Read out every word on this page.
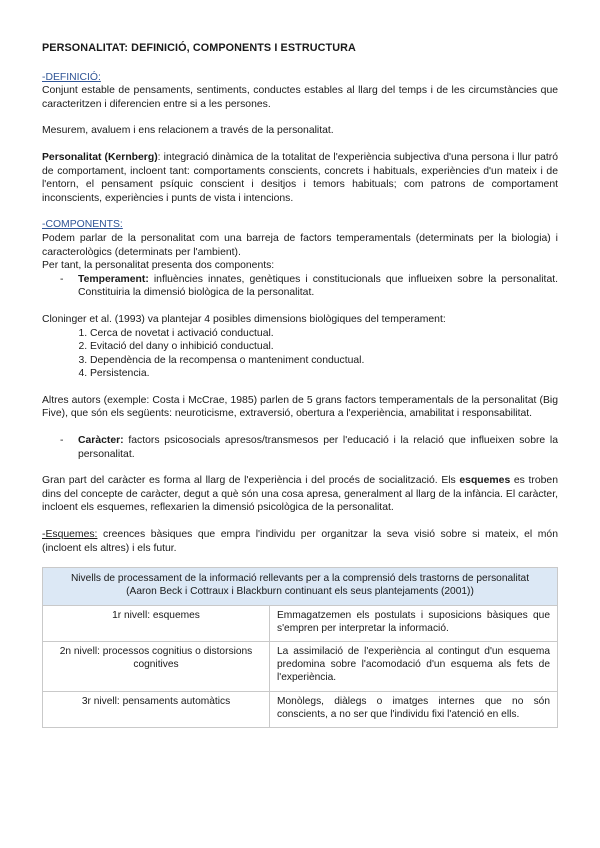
PERSONALITAT: DEFINICIÓ, COMPONENTS I ESTRUCTURA
-DEFINICIÓ:

Conjunt estable de pensaments, sentiments, conductes estables al llarg del temps i de les circumstàncies que caracteritzen i diferencien entre si a les persones.

Mesurem, avaluem i ens relacionem a través de la personalitat.

Personalitat (Kernberg): integració dinàmica de la totalitat de l'experiència subjectiva d'una persona i llur patró de comportament, incloent tant: comportaments conscients, concrets i habituals, experiències d'un mateix i de l'entorn, el pensament psíquic conscient i desitjos i temors habituals; com patrons de comportament inconscients, experiències i punts de vista i intencions.

-COMPONENTS:

Podem parlar de la personalitat com una barreja de factors temperamentals (determinats per la biologia) i caracterològics (determinats per l'ambient).

Per tant, la personalitat presenta dos components:

-	Temperament: influències innates, genètiques i constitucionals que influeixen sobre la personalitat. Constituiria la dimensió biològica de la personalitat.

Cloninger et al. (1993) va plantejar 4 posibles dimensions biològiques del temperament:

1. Cerca de novetat i activació conductual.
2. Evitació del dany o inhibició conductual.
3. Dependència de la recompensa o manteniment conductual.
4. Persistencia.

Altres autors (exemple: Costa i McCrae, 1985) parlen de 5 grans factors temperamentals de la personalitat (Big Five), que són els següents: neuroticisme, extraversió, obertura a l'experiència, amabilitat i responsabilitat.

-	Caràcter: factors psicosocials apresos/transmesos per l'educació i la relació que influeixen sobre la personalitat.

Gran part del caràcter es forma al llarg de l'experiència i del procés de socialització. Els esquemes es troben dins del concepte de caràcter, degut a què són una cosa apresa, generalment al llarg de la infància. El caràcter, incloent els esquemes, reflexarien la dimensió psicològica de la personalitat.

-Esquemes: creences bàsiques que empra l'individu per organitzar la seva visió sobre si mateix, el món (incloent els altres) i els futur.

Nivells de processament de la informació rellevants per a la comprensió dels trastorns de personalitat
(Aaron Beck i Cottraux i Blackburn continuant els seus plantejaments (2001))	

1r nivell: esquemes	Emmagatzemen els postulats i suposicions bàsiques que s'empren per interpretar la informació.
2n nivell: processos cognitius o distorsions cognitives	La assimilació de l'experiència al contingut d'un esquema predomina sobre l'acomodació d'un esquema als fets de l'experiència.
3r nivell: pensaments automàtics	Monòlegs, diàlegs o imatges internes que no són conscients, a no ser que l'individu fixi l'atenció en ells.
